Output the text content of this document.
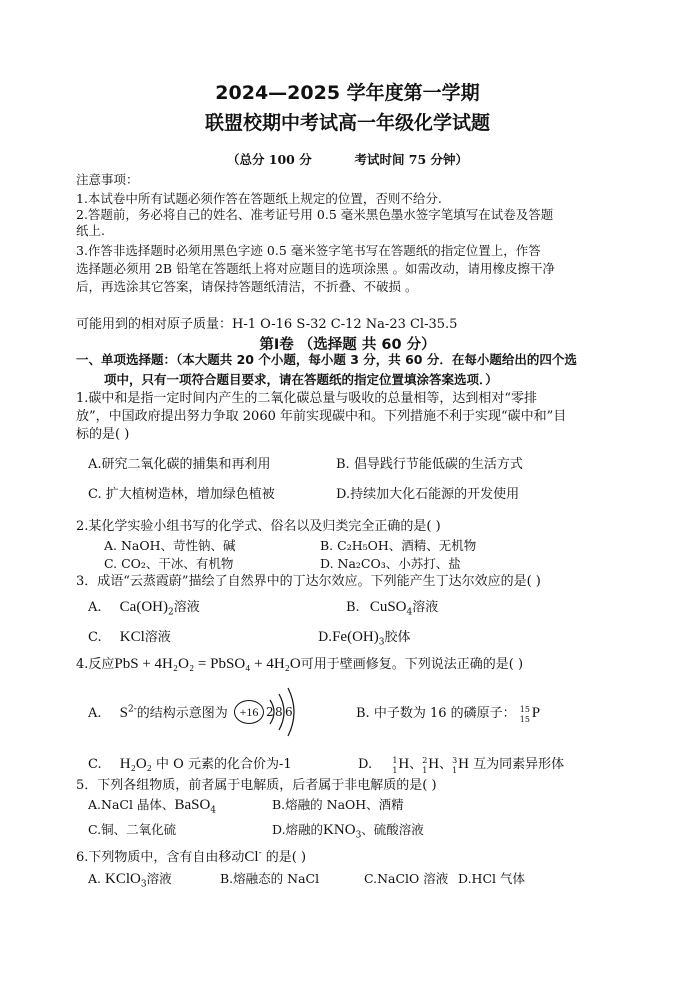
2024—2025 学年度第一学期
联盟校期中考试高一年级化学试题
（总分 100 分	考试时间 75 分钟）
注意事项：
1.本试卷中所有试题必须作答在答题纸上规定的位置，否则不给分.
2.答题前，务必将自己的姓名、准考证号用 0.5 毫米黑色墨水签字笔填写在试卷及答题
纸上.
3.作答非选择题时必须用黑色字迹 0.5 毫米签字笔书写在答题纸的指定位置上，作答
选择题必须用 2B 铅笔在答题纸上将对应题目的选项涂黑 。如需改动，请用橡皮擦干净
后，再选涂其它答案，请保持答题纸清洁，不折叠、不破损 。
可能用到的相对原子质量：H-1 O-16 S-32 C-12 Na-23 Cl-35.5
第Ⅰ卷 （选择题 共 60 分）
一、单项选择题：（本大题共 20 个小题，每小题 3 分，共 60 分．在每小题给出的四个选
项中，只有一项符合题目要求，请在答题纸的指定位置填涂答案选项．）
1.碳中和是指一定时间内产生的二氧化碳总量与吸收的总量相等，达到相对“零排
放”，中国政府提出努力争取 2060 年前实现碳中和。下列措施不利于实现“碳中和”目
标的是( )
A.研究二氧化碳的捕集和再利用	B. 倡导践行节能低碳的生活方式
C. 扩大植树造林，增加绿色植被	D.持续加大化石能源的开发使用
2.某化学实验小组书写的化学式、俗名以及归类完全正确的是( )
A. NaOH、苛性钠、碱	B. C₂H₅OH、酒精、无机物
C. CO₂、干冰、有机物	D. Na₂CO₃、小苏打、盐
3．成语“云蒸霞蔚”描绘了自然界中的丁达尔效应。下列能产生丁达尔效应的是( )
A. $Ca(OH)_2$溶液	B. CuSO$_4$溶液
C. KCl溶液	$D.Fe(OH)_3$胶体
4.反应PbS + 4H₂O₂ = PbSO₄ + 4H₂O可用于壁画修复。下列说法正确的是( )
A. $S^{2-}$的结构示意图为 +16 2 8 6	B. 中子数为 16 的磷原子： 15
15 P
C. H₂O₂ 中 O 元素的化合价为-1	D.	1
1 H、 2
1 H、 3
1 H 互为同素异形体
5．下列各组物质，前者属于电解质，后者属于非电解质的是( )
A.NaCl 晶体、BaSO$_4$	B.熔融的 NaOH、酒精
C.铜、二氧化硫	D.熔融的$KNO_3$、硫酸溶液
6.下列物质中，含有自由移动Cl- 的是( )
A. KClO$_3$溶液	B.熔融态的 NaCl	C.NaClO 溶液 D.HCl 气体
